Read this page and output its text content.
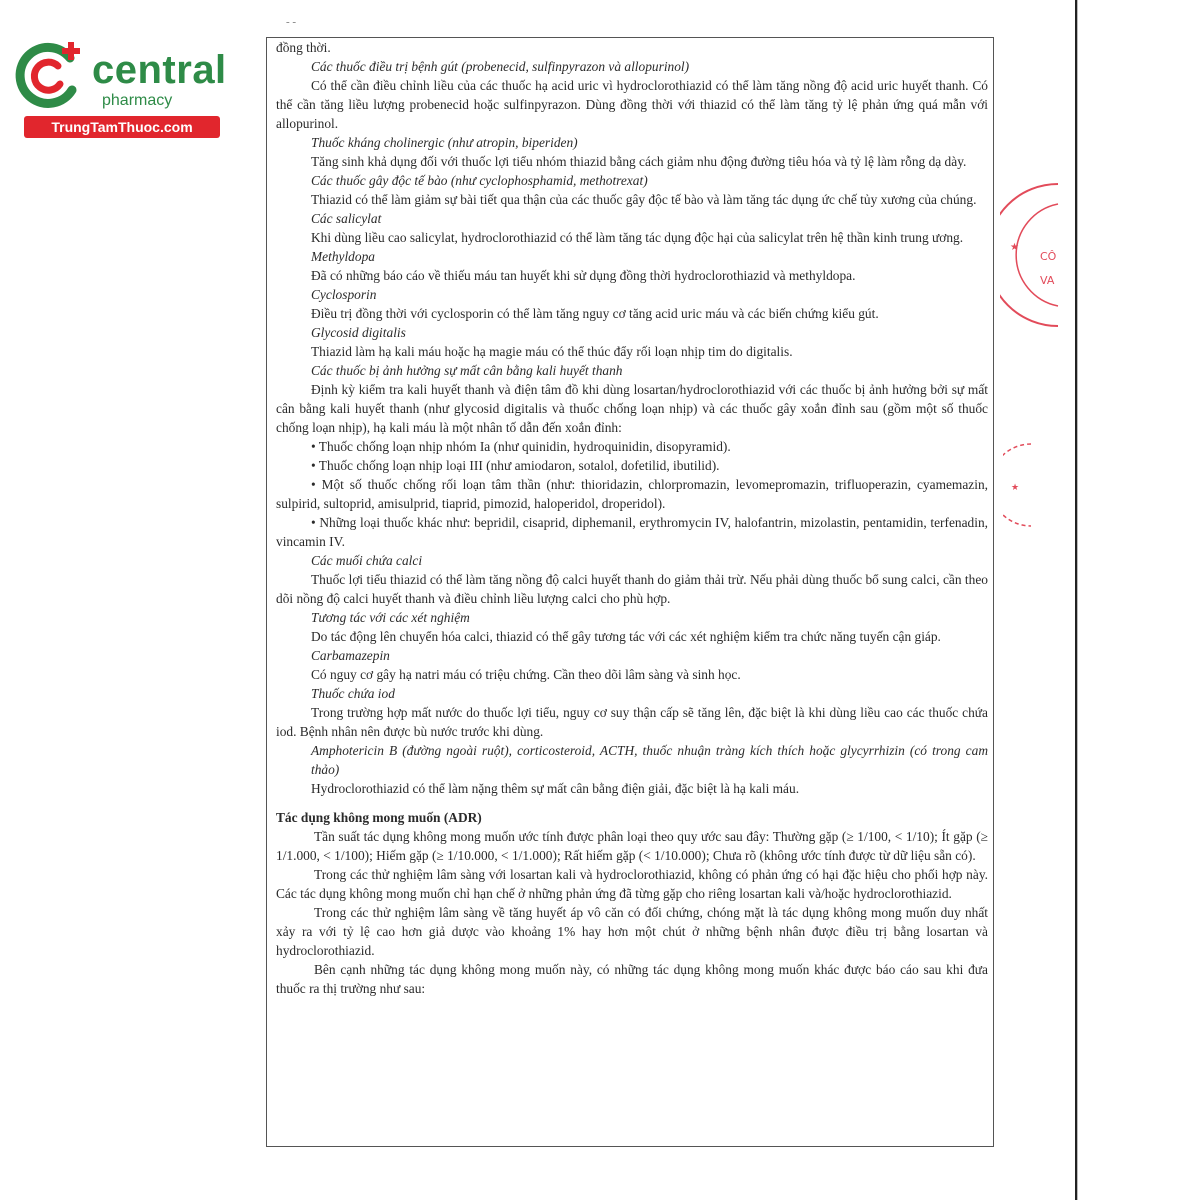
central
pharmacy
TrungTamThuoc.com
- -
CÔ
VA
★
★

đồng thời.

Các thuốc điều trị bệnh gút (probenecid, sulfinpyrazon và allopurinol)

Có thể cần điều chỉnh liều của các thuốc hạ acid uric vì hydroclorothiazid có thể làm tăng nồng độ acid uric huyết thanh. Có thể cần tăng liều lượng probenecid hoặc sulfinpyrazon. Dùng đồng thời với thiazid có thể làm tăng tỷ lệ phản ứng quá mẫn với allopurinol.

Thuốc kháng cholinergic (như atropin, biperiden)

Tăng sinh khả dụng đối với thuốc lợi tiểu nhóm thiazid bằng cách giảm nhu động đường tiêu hóa và tỷ lệ làm rỗng dạ dày.

Các thuốc gây độc tế bào (như cyclophosphamid, methotrexat)

Thiazid có thể làm giảm sự bài tiết qua thận của các thuốc gây độc tế bào và làm tăng tác dụng ức chế tủy xương của chúng.

Các salicylat

Khi dùng liều cao salicylat, hydroclorothiazid có thể làm tăng tác dụng độc hại của salicylat trên hệ thần kinh trung ương.

Methyldopa

Đã có những báo cáo về thiếu máu tan huyết khi sử dụng đồng thời hydroclorothiazid và methyldopa.

Cyclosporin

Điều trị đồng thời với cyclosporin có thể làm tăng nguy cơ tăng acid uric máu và các biến chứng kiểu gút.

Glycosid digitalis

Thiazid làm hạ kali máu hoặc hạ magie máu có thể thúc đẩy rối loạn nhịp tim do digitalis.

Các thuốc bị ảnh hưởng sự mất cân bằng kali huyết thanh

Định kỳ kiểm tra kali huyết thanh và điện tâm đồ khi dùng losartan/hydroclorothiazid với các thuốc bị ảnh hưởng bởi sự mất cân bằng kali huyết thanh (như glycosid digitalis và thuốc chống loạn nhịp) và các thuốc gây xoắn đỉnh sau (gồm một số thuốc chống loạn nhịp), hạ kali máu là một nhân tố dẫn đến xoắn đỉnh:

• Thuốc chống loạn nhịp nhóm Ia (như quinidin, hydroquinidin, disopyramid).

• Thuốc chống loạn nhịp loại III (như amiodaron, sotalol, dofetilid, ibutilid).

• Một số thuốc chống rối loạn tâm thần (như: thioridazin, chlorpromazin, levomepromazin, trifluoperazin, cyamemazin, sulpirid, sultoprid, amisulprid, tiaprid, pimozid, haloperidol, droperidol).

• Những loại thuốc khác như: bepridil, cisaprid, diphemanil, erythromycin IV, halofantrin, mizolastin, pentamidin, terfenadin, vincamin IV.

Các muối chứa calci

Thuốc lợi tiểu thiazid có thể làm tăng nồng độ calci huyết thanh do giảm thải trừ. Nếu phải dùng thuốc bổ sung calci, cần theo dõi nồng độ calci huyết thanh và điều chỉnh liều lượng calci cho phù hợp.

Tương tác với các xét nghiệm

Do tác động lên chuyển hóa calci, thiazid có thể gây tương tác với các xét nghiệm kiểm tra chức năng tuyến cận giáp.

Carbamazepin

Có nguy cơ gây hạ natri máu có triệu chứng. Cần theo dõi lâm sàng và sinh học.

Thuốc chứa iod

Trong trường hợp mất nước do thuốc lợi tiểu, nguy cơ suy thận cấp sẽ tăng lên, đặc biệt là khi dùng liều cao các thuốc chứa iod. Bệnh nhân nên được bù nước trước khi dùng.

Amphotericin B (đường ngoài ruột), corticosteroid, ACTH, thuốc nhuận tràng kích thích hoặc glycyrrhizin (có trong cam thảo)

Hydroclorothiazid có thể làm nặng thêm sự mất cân bằng điện giải, đặc biệt là hạ kali máu.

Tác dụng không mong muốn (ADR)

Tần suất tác dụng không mong muốn ước tính được phân loại theo quy ước sau đây: Thường gặp (≥ 1/100, < 1/10); Ít gặp (≥ 1/1.000, < 1/100); Hiếm gặp (≥ 1/10.000, < 1/1.000); Rất hiếm gặp (< 1/10.000); Chưa rõ (không ước tính được từ dữ liệu sẵn có).

Trong các thử nghiệm lâm sàng với losartan kali và hydroclorothiazid, không có phản ứng có hại đặc hiệu cho phối hợp này. Các tác dụng không mong muốn chỉ hạn chế ở những phản ứng đã từng gặp cho riêng losartan kali và/hoặc hydroclorothiazid.

Trong các thử nghiệm lâm sàng về tăng huyết áp vô căn có đối chứng, chóng mặt là tác dụng không mong muốn duy nhất xảy ra với tỷ lệ cao hơn giả dược vào khoảng 1% hay hơn một chút ở những bệnh nhân được điều trị bằng losartan và hydroclorothiazid.

Bên cạnh những tác dụng không mong muốn này, có những tác dụng không mong muốn khác được báo cáo sau khi đưa thuốc ra thị trường như sau:
